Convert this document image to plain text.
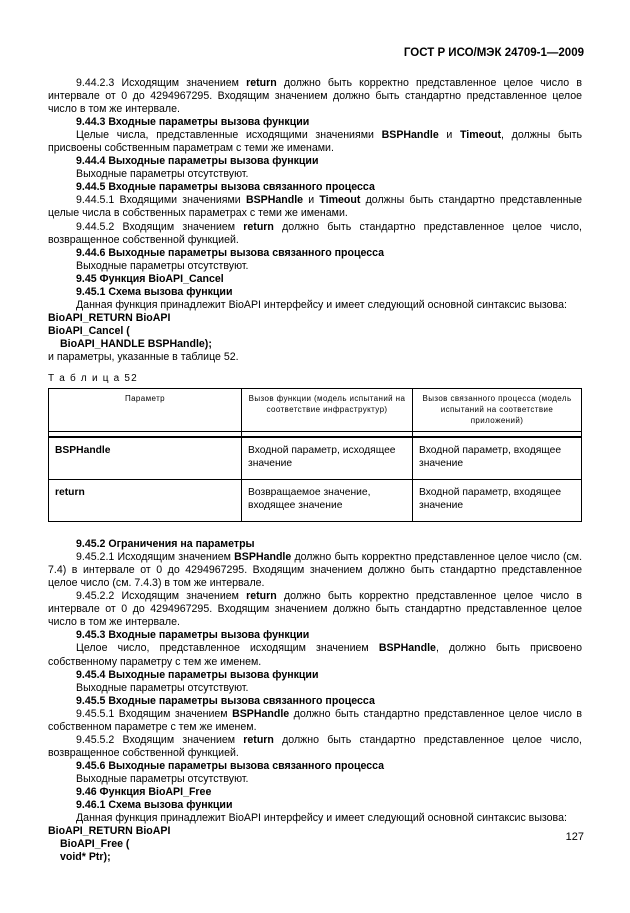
ГОСТ Р ИСО/МЭК 24709-1—2009

9.44.2.3 Исходящим значением return должно быть корректно представленное целое число в интервале от 0 до 4294967295. Входящим значением должно быть стандартно представленное целое число в том же интервале.

9.44.3 Входные параметры вызова функции

Целые числа, представленные исходящими значениями BSPHandle и Timeout, должны быть присвоены собственным параметрам с теми же именами.

9.44.4 Выходные параметры вызова функции

Выходные параметры отсутствуют.

9.44.5 Входные параметры вызова связанного процесса

9.44.5.1 Входящими значениями BSPHandle и Timeout должны быть стандартно представленные целые числа в собственных параметрах с теми же именами.

9.44.5.2 Входящим значением return должно быть стандартно представленное целое число, возвращенное собственной функцией.

9.44.6 Выходные параметры вызова связанного процесса

Выходные параметры отсутствуют.

9.45 Функция BioAPI_Cancel

9.45.1 Схема вызова функции

Данная функция принадлежит BioAPI интерфейсу и имеет следующий основной синтаксис вызова:

BioAPI_RETURN BioAPI

BioAPI_Cancel (

BioAPI_HANDLE BSPHandle);

и параметры, указанные в таблице 52.

Т а б л и ц а 52

Параметр	Вызов функции (модель испытаний на соответствие инфраструктур)	Вызов связанного процесса (модель испытаний на соответствие приложений)

BSPHandle	Входной параметр, исходящее значение	Входной параметр, входящее значение
return	Возвращаемое значение, входящее значение	Входной параметр, входящее значение

9.45.2 Ограничения на параметры

9.45.2.1 Исходящим значением BSPHandle должно быть корректно представленное целое число (см. 7.4) в интервале от 0 до 4294967295. Входящим значением должно быть стандартно представленное целое число (см. 7.4.3) в том же интервале.

9.45.2.2 Исходящим значением return должно быть корректно представленное целое число в интервале от 0 до 4294967295. Входящим значением должно быть стандартно представленное целое число в том же интервале.

9.45.3 Входные параметры вызова функции

Целое число, представленное исходящим значением BSPHandle, должно быть присвоено собственному параметру с тем же именем.

9.45.4 Выходные параметры вызова функции

Выходные параметры отсутствуют.

9.45.5 Входные параметры вызова связанного процесса

9.45.5.1 Входящим значением BSPHandle должно быть стандартно представленное целое число в собственном параметре с тем же именем.

9.45.5.2 Входящим значением return должно быть стандартно представленное целое число, возвращенное собственной функцией.

9.45.6 Выходные параметры вызова связанного процесса

Выходные параметры отсутствуют.

9.46 Функция BioAPI_Free

9.46.1 Схема вызова функции

Данная функция принадлежит BioAPI интерфейсу и имеет следующий основной синтаксис вызова:

BioAPI_RETURN BioAPI

BioAPI_Free (

void* Ptr);

127
